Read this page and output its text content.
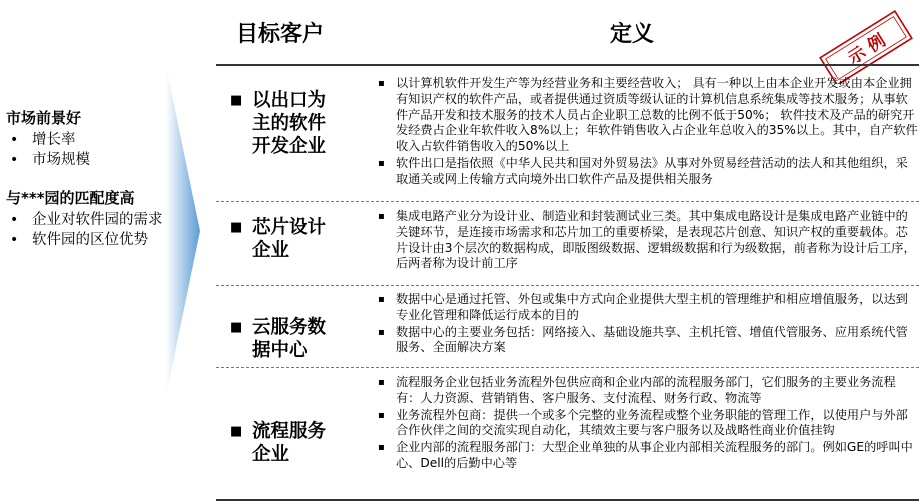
目标客户	定义	示 例
市场前景好
• 增长率
• 市场规模
与***园的匹配度高
• 企业对软件园的需求
• 软件园的区位优势
■ 以出口为
主的软件
开发企业
▪ 以计算机软件开发生产等为经营业务和主要经营收入； 具有一种以上由本企业开发或由本企业拥有知识产权的软件产品，或者提供通过资质等级认证的计算机信息系统集成等技术服务；从事软件产品开发和技术服务的技术人员占企业职工总数的比例不低于50%； 软件技术及产品的研究开发经费占企业年软件收入8%以上；年软件销售收入占企业年总收入的35%以上。其中，自产软件收入占软件销售收入的50%以上
▪ 软件出口是指依照《中华人民共和国对外贸易法》从事对外贸易经营活动的法人和其他组织，采取通关或网上传输方式向境外出口软件产品及提供相关服务
■ 芯片设计
企业
▪ 集成电路产业分为设计业、制造业和封装测试业三类。其中集成电路设计是集成电路产业链中的关键环节，是连接市场需求和芯片加工的重要桥梁，是表现芯片创意、知识产权的重要载体。芯片设计由3个层次的数据构成，即版图级数据、逻辑级数据和行为级数据，前者称为设计后工序，后两者称为设计前工序
■ 云服务数
据中心
▪ 数据中心是通过托管、外包或集中方式向企业提供大型主机的管理维护和相应增值服务，以达到专业化管理和降低运行成本的目的
▪ 数据中心的主要业务包括：网络接入、基础设施共享、主机托管、增值代管服务、应用系统代管服务、全面解决方案
■ 流程服务
企业
▪ 流程服务企业包括业务流程外包供应商和企业内部的流程服务部门，它们服务的主要业务流程有：人力资源、营销销售、客户服务、支付流程、财务行政、物流等
▪ 业务流程外包商：提供一个或多个完整的业务流程或整个业务职能的管理工作，以使用户与外部合作伙伴之间的交流实现自动化，其绩效主要与客户服务以及战略性商业价值挂钩
▪ 企业内部的流程服务部门：大型企业单独的从事企业内部相关流程服务的部门。例如GE的呼叫中心、Dell的后勤中心等
